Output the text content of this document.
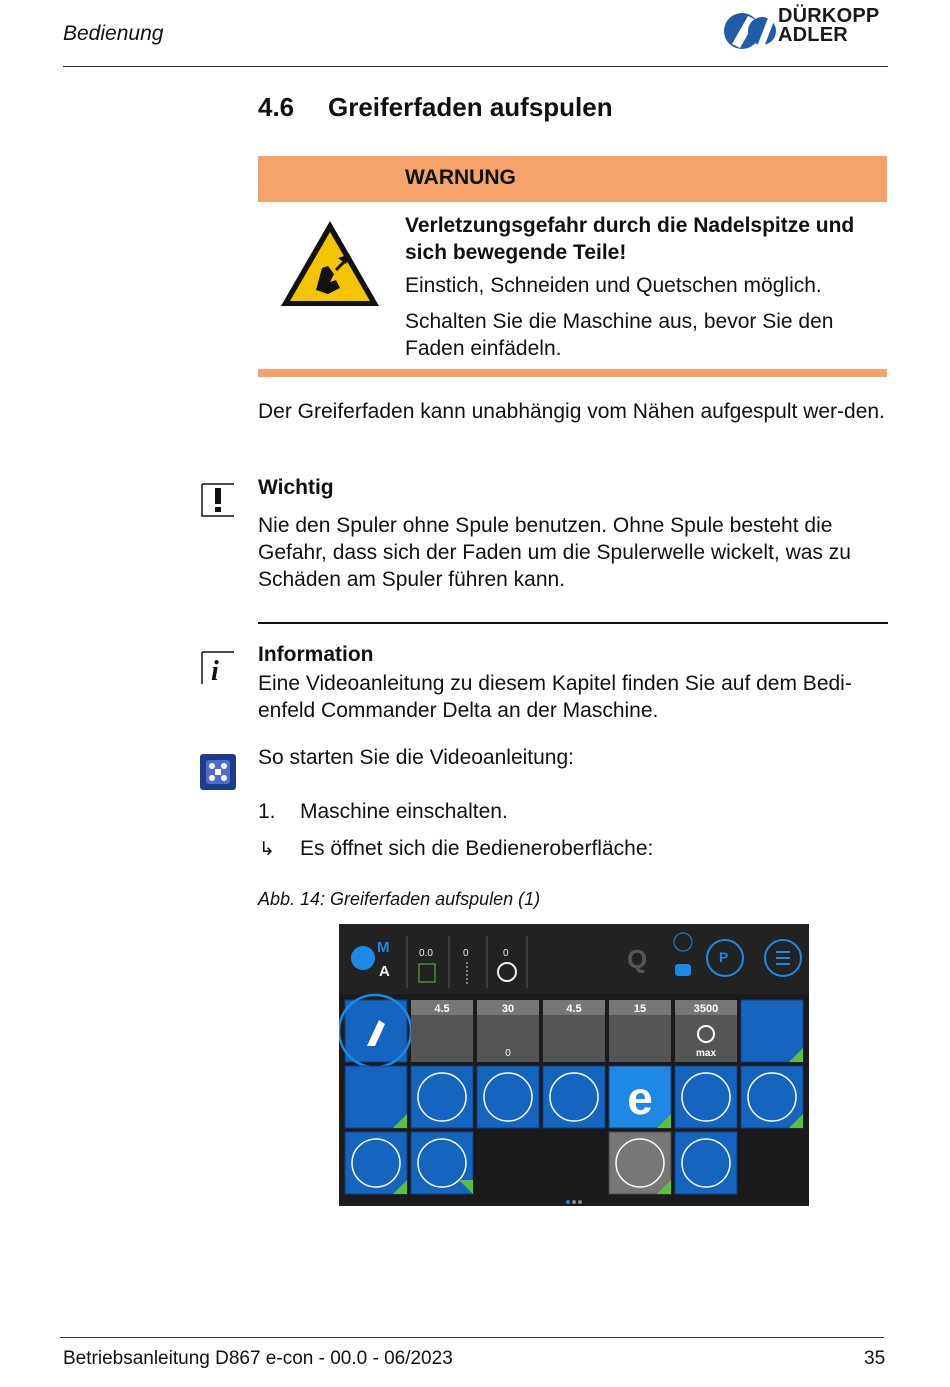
Bedienung
DÜRKOPP
ADLER
4.6 Greiferfaden aufspulen
WARNUNG
Verletzungsgefahr durch die Nadelspitze und sich bewegende Teile!
Einstich, Schneiden und Quetschen möglich.
Schalten Sie die Maschine aus, bevor Sie den Faden einfädeln.
Der Greiferfaden kann unabhängig vom Nähen aufgespult wer-den.
Wichtig
Nie den Spuler ohne Spule benutzen. Ohne Spule besteht die Gefahr, dass sich der Faden um die Spulerwelle wickelt, was zu Schäden am Spuler führen kann.
i
Information
Eine Videoanleitung zu diesem Kapitel finden Sie auf dem Bedi-enfeld Commander Delta an der Maschine.
So starten Sie die Videoanleitung:
1. Maschine einschalten.
↳ Es öffnet sich die Bedieneroberfläche:
Abb. 14: Greiferfaden aufspulen (1)
M
A
0.0	0	0	Q	P
4.5	30
0
4.5	15	3500
max
e
Betriebsanleitung D867 e-con - 00.0 - 06/2023	35
